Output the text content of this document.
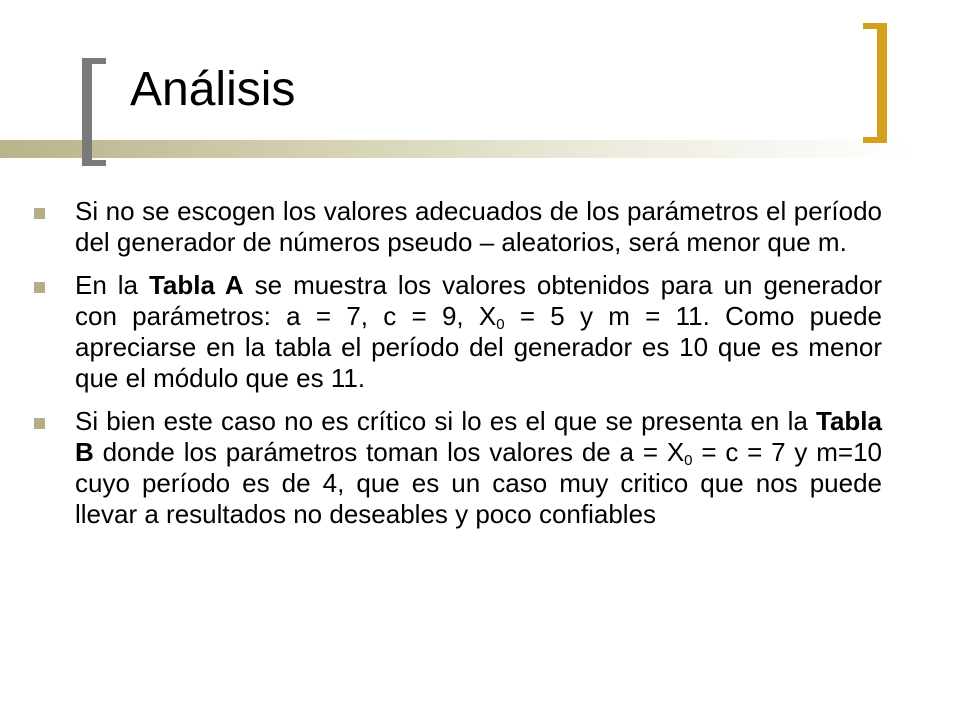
Análisis
Si no se escogen los valores adecuados de los parámetros el período del generador de números pseudo – aleatorios, será menor que m.
En la Tabla A se muestra los valores obtenidos para un generador con parámetros: a = 7, c = 9, $X_0 = 5$ y m = 11. Como puede apreciarse en la tabla el período del generador es 10 que es menor que el módulo que es 11.
Si bien este caso no es crítico si lo es el que se presenta en la Tabla B donde los parámetros toman los valores de $a = X_0 = c = 7$ y m=10 cuyo período es de 4, que es un caso muy critico que nos puede llevar a resultados no deseables y poco confiables
